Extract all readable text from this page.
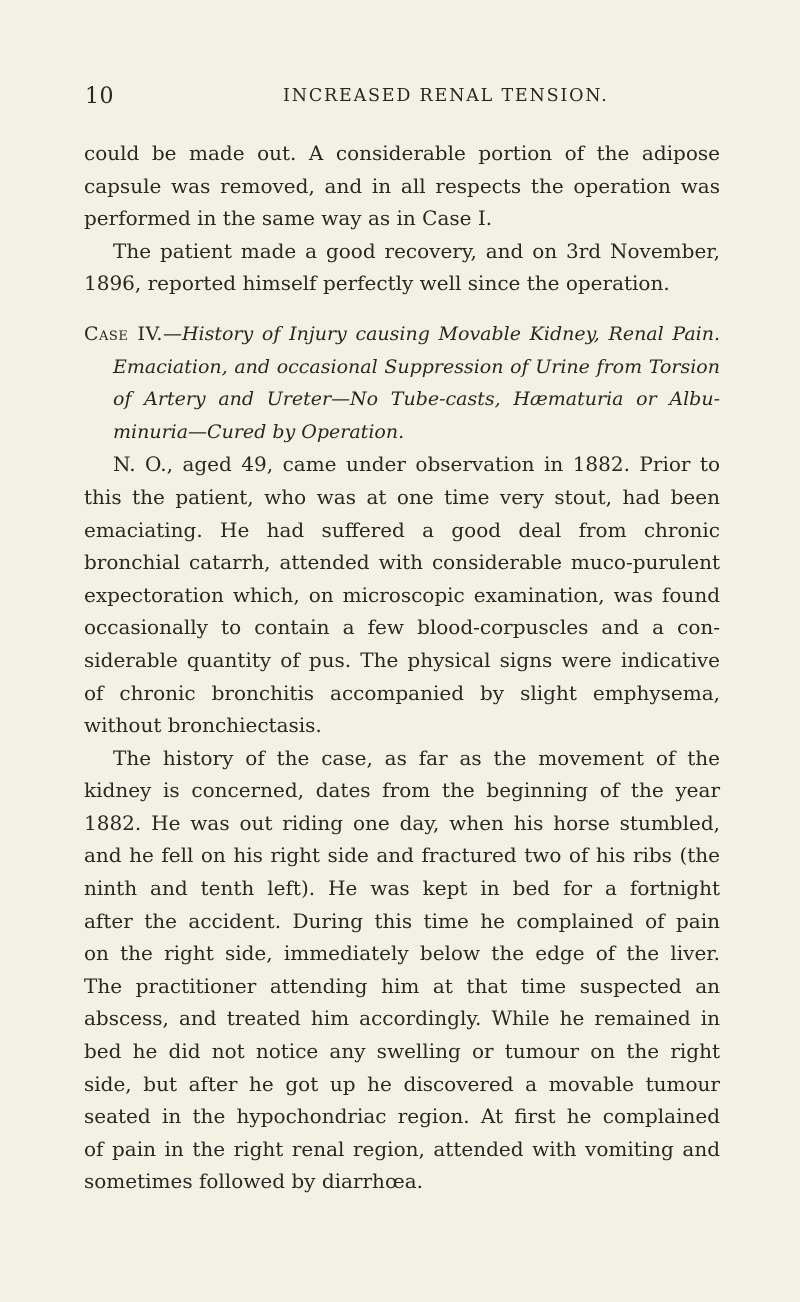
10	INCREASED RENAL TENSION.

could be made out. A considerable portion of the adipose
capsule was removed, and in all respects the operation was
performed in the same way as in Case I.

The patient made a good recovery, and on 3rd November,
1896, reported himself perfectly well since the operation.

Case IV.—History of Injury causing Movable Kidney, Renal Pain.
Emaciation, and occasional Suppression of Urine from Torsion
of Artery and Ureter—No Tube-casts, Hæmaturia or Albu-
minuria—Cured by Operation.

N. O., aged 49, came under observation in 1882. Prior to
this the patient, who was at one time very stout, had been
emaciating. He had suffered a good deal from chronic
bronchial catarrh, attended with considerable muco-purulent
expectoration which, on microscopic examination, was found
occasionally to contain a few blood-corpuscles and a con-
siderable quantity of pus. The physical signs were indicative
of chronic bronchitis accompanied by slight emphysema,
without bronchiectasis.

The history of the case, as far as the movement of the
kidney is concerned, dates from the beginning of the year
1882. He was out riding one day, when his horse stumbled,
and he fell on his right side and fractured two of his ribs (the
ninth and tenth left). He was kept in bed for a fortnight
after the accident. During this time he complained of pain
on the right side, immediately below the edge of the liver.
The practitioner attending him at that time suspected an
abscess, and treated him accordingly. While he remained in
bed he did not notice any swelling or tumour on the right
side, but after he got up he discovered a movable tumour
seated in the hypochondriac region. At first he complained
of pain in the right renal region, attended with vomiting and
sometimes followed by diarrhœa.
